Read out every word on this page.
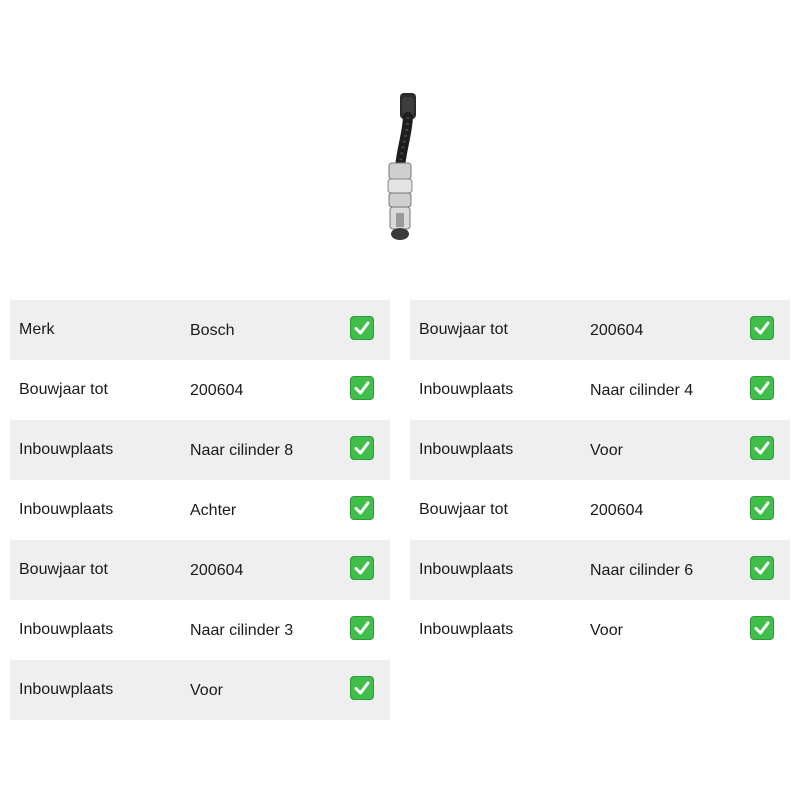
Merk	Bosch
Bouwjaar tot	200604
Inbouwplaats	Naar cilinder 8
Inbouwplaats	Achter
Bouwjaar tot	200604
Inbouwplaats	Naar cilinder 3
Inbouwplaats	Voor
Bouwjaar tot	200604
Inbouwplaats	Naar cilinder 4
Inbouwplaats	Voor
Bouwjaar tot	200604
Inbouwplaats	Naar cilinder 6
Inbouwplaats	Voor
